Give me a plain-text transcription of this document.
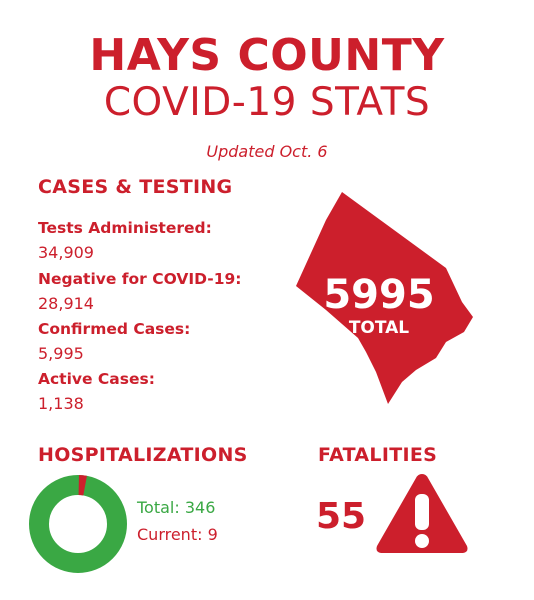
HAYS COUNTY
COVID-19 STATS
Updated Oct. 6
CASES & TESTING
Tests Administered:
34,909
Negative for COVID-19:
28,914
Confirmed Cases:
5,995
Active Cases:
1,138
5995
TOTAL
HOSPITALIZATIONS
Total: 346
Current: 9
FATALITIES
55
